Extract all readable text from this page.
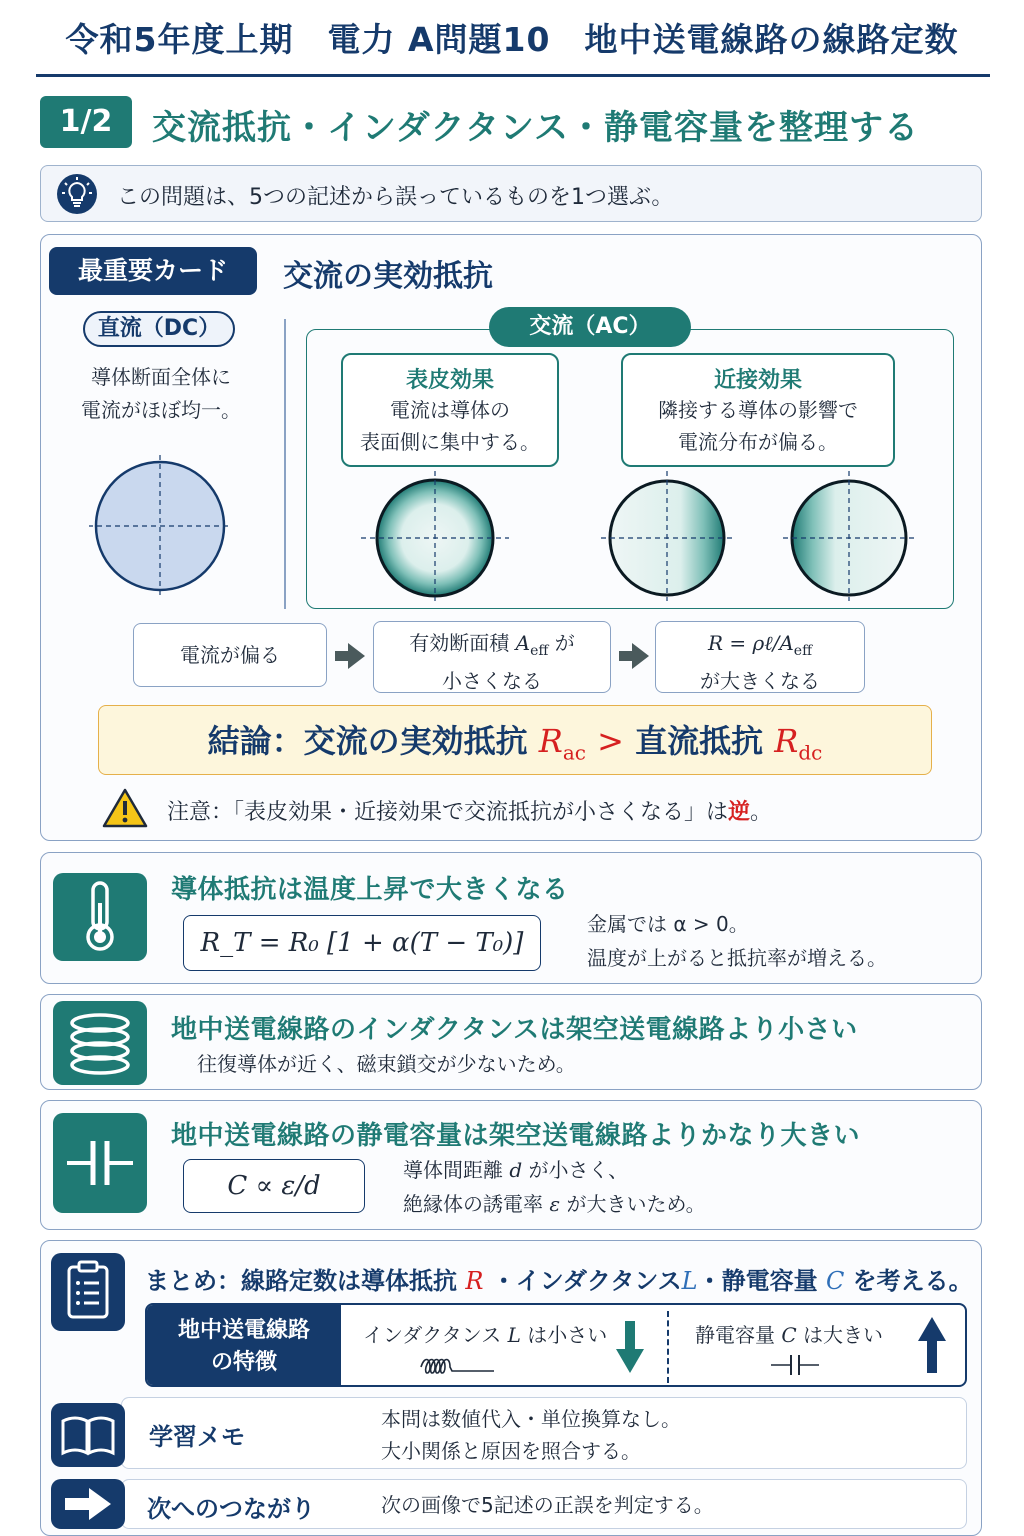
令和5年度上期　電力 A問題10　地中送電線路の線路定数
1/2	交流抵抗・インダクタンス・静電容量を整理する
この問題は、5つの記述から誤っているものを1つ選ぶ。
最重要カード	交流の実効抵抗
直流（DC）
導体断面全体に
電流がほぼ均一。
交流（AC）
表皮効果
電流は導体の
表面側に集中する。
近接効果
隣接する導体の影響で
電流分布が偏る。
電流が偏る	有効断面積 $A_{eff}$ が
小さくなる
$R = \rho\ell/A_{eff}$
が大きくなる
結論：交流の実効抵抗 $R_{ac}$ > 直流抵抗 $R_{dc}$
注意：「表皮効果・近接効果で交流抵抗が小さくなる」は逆。
導体抵抗は温度上昇で大きくなる
R_T = R₀ [1 + α(T − T₀)]
金属では α > 0。
温度が上がると抵抗率が増える。
地中送電線路のインダクタンスは架空送電線路より小さい
往復導体が近く、磁束鎖交が少ないため。
地中送電線路の静電容量は架空送電線路よりかなり大きい
C ∝ ε/d
導体間距離 d が小さく、
絶縁体の誘電率 ε が大きいため。
まとめ：線路定数は導体抵抗 R ・インダクタンスL・静電容量 C を考える。
地中送電線路
の特徴
インダクタンス L は小さい	静電容量 C は大きい
学習メモ
本問は数値代入・単位換算なし。
大小関係と原因を照合する。
次へのつながり	次の画像で5記述の正誤を判定する。
